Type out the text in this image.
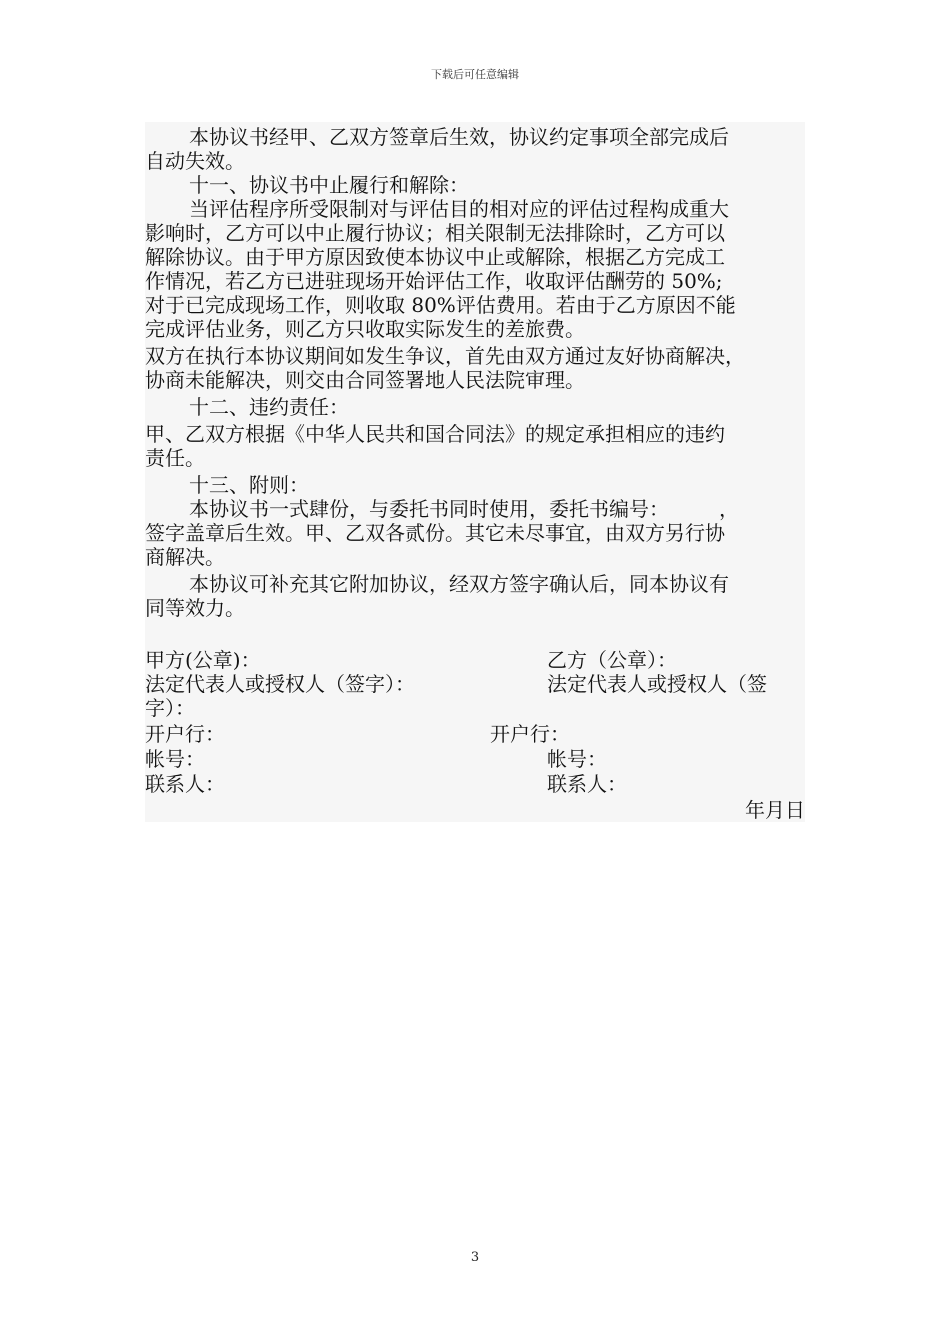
下载后可任意编辑
本协议书经甲、乙双方签章后生效，协议约定事项全部完成后
自动失效。
十一、协议书中止履行和解除：
当评估程序所受限制对与评估目的相对应的评估过程构成重大
影响时，乙方可以中止履行协议；相关限制无法排除时，乙方可以
解除协议。由于甲方原因致使本协议中止或解除，根据乙方完成工
作情况，若乙方已进驻现场开始评估工作，收取评估酬劳的 50%;
对于已完成现场工作，则收取 80%评估费用。若由于乙方原因不能
完成评估业务，则乙方只收取实际发生的差旅费。
双方在执行本协议期间如发生争议，首先由双方通过友好协商解决，
协商未能解决，则交由合同签署地人民法院审理。
十二、违约责任：
甲、乙双方根据《中华人民共和国合同法》的规定承担相应的违约
责任。
十三、附则：
本协议书一式肆份，与委托书同时使用，委托书编号：　　　，
签字盖章后生效。甲、乙双各贰份。其它未尽事宜，由双方另行协
商解决。
本协议可补充其它附加协议，经双方签字确认后，同本协议有
同等效力。
甲方(公章)：	乙方（公章）：
法定代表人或授权人（签字）：	法定代表人或授权人（签
字）：
开户行：	开户行：
帐号：	帐号：
联系人：	联系人：
年月日
3
